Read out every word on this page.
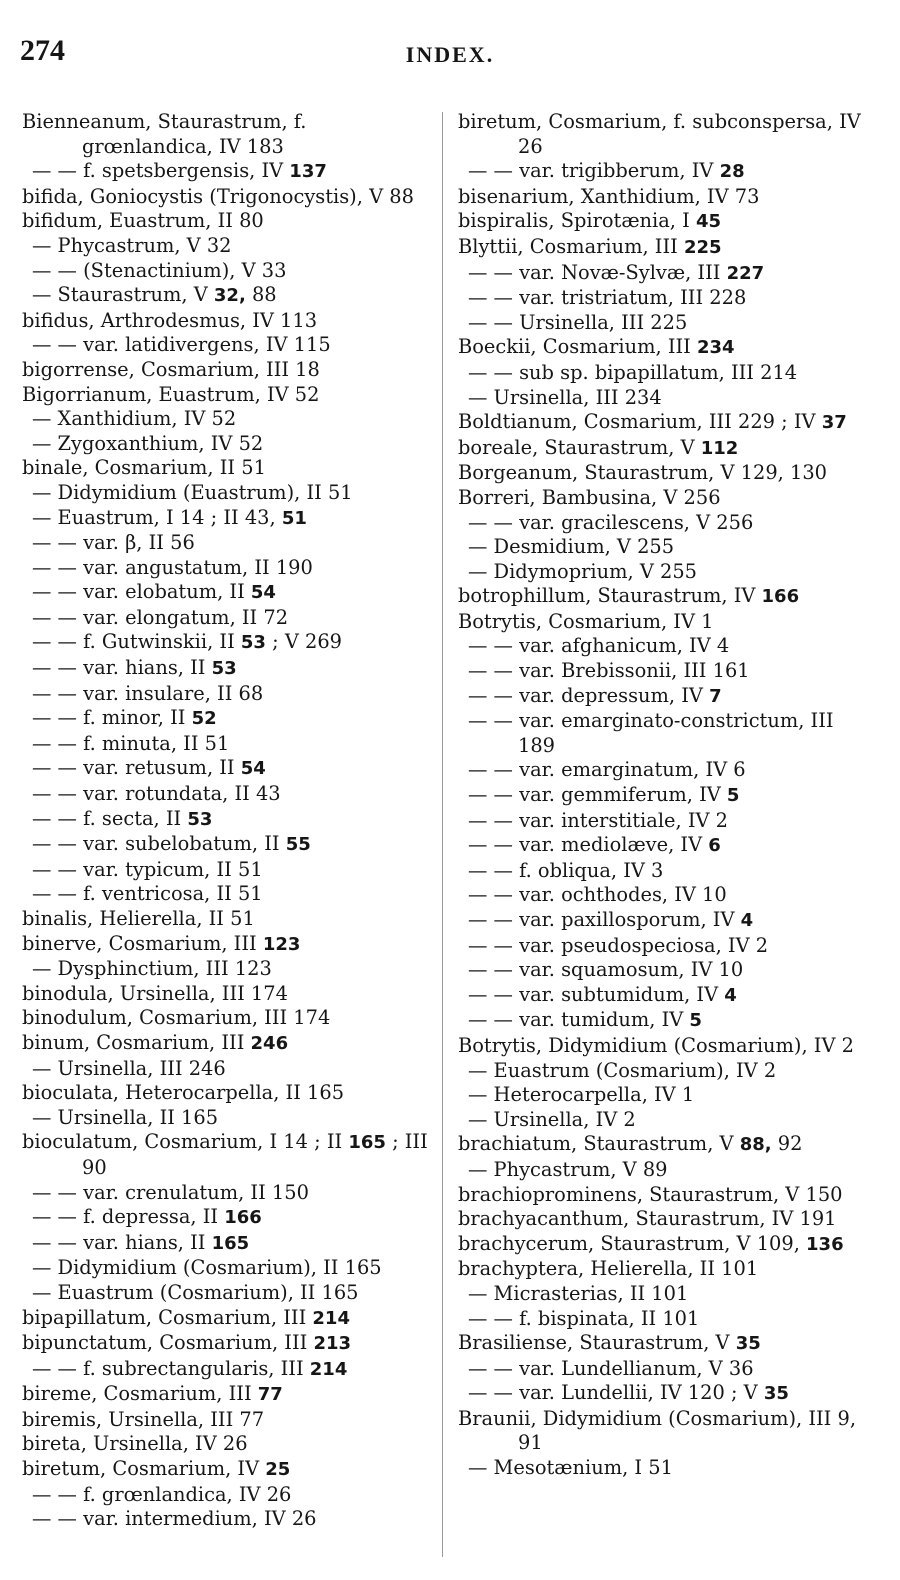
274	INDEX.
Bienneanum, Staurastrum, f. grœnlandica, IV 183
— — f. spetsbergensis, IV 137
bifida, Goniocystis (Trigonocystis), V 88
bifidum, Euastrum, II 80
— Phycastrum, V 32
— — (Stenactinium), V 33
— Staurastrum, V 32, 88
bifidus, Arthrodesmus, IV 113
— — var. latidivergens, IV 115
bigorrense, Cosmarium, III 18
Bigorrianum, Euastrum, IV 52
— Xanthidium, IV 52
— Zygoxanthium, IV 52
binale, Cosmarium, II 51
— Didymidium (Euastrum), II 51
— Euastrum, I 14 ; II 43, 51
— — var. β, II 56
— — var. angustatum, II 190
— — var. elobatum, II 54
— — var. elongatum, II 72
— — f. Gutwinskii, II 53 ; V 269
— — var. hians, II 53
— — var. insulare, II 68
— — f. minor, II 52
— — f. minuta, II 51
— — var. retusum, II 54
— — var. rotundata, II 43
— — f. secta, II 53
— — var. subelobatum, II 55
— — var. typicum, II 51
— — f. ventricosa, II 51
binalis, Helierella, II 51
binerve, Cosmarium, III 123
— Dysphinctium, III 123
binodula, Ursinella, III 174
binodulum, Cosmarium, III 174
binum, Cosmarium, III 246
— Ursinella, III 246
bioculata, Heterocarpella, II 165
— Ursinella, II 165
bioculatum, Cosmarium, I 14 ; II 165 ; III 90
— — var. crenulatum, II 150
— — f. depressa, II 166
— — var. hians, II 165
— Didymidium (Cosmarium), II 165
— Euastrum (Cosmarium), II 165
bipapillatum, Cosmarium, III 214
bipunctatum, Cosmarium, III 213
— — f. subrectangularis, III 214
bireme, Cosmarium, III 77
biremis, Ursinella, III 77
bireta, Ursinella, IV 26
biretum, Cosmarium, IV 25
— — f. grœnlandica, IV 26
— — var. intermedium, IV 26
biretum, Cosmarium, f. subconspersa, IV 26
— — var. trigibberum, IV 28
bisenarium, Xanthidium, IV 73
bispiralis, Spirotænia, I 45
Blyttii, Cosmarium, III 225
— — var. Novæ-Sylvæ, III 227
— — var. tristriatum, III 228
— — Ursinella, III 225
Boeckii, Cosmarium, III 234
— — sub sp. bipapillatum, III 214
— Ursinella, III 234
Boldtianum, Cosmarium, III 229 ; IV 37
boreale, Staurastrum, V 112
Borgeanum, Staurastrum, V 129, 130
Borreri, Bambusina, V 256
— — var. gracilescens, V 256
— Desmidium, V 255
— Didymoprium, V 255
botrophillum, Staurastrum, IV 166
Botrytis, Cosmarium, IV 1
— — var. afghanicum, IV 4
— — var. Brebissonii, III 161
— — var. depressum, IV 7
— — var. emarginato-constrictum, III 189
— — var. emarginatum, IV 6
— — var. gemmiferum, IV 5
— — var. interstitiale, IV 2
— — var. mediolæve, IV 6
— — f. obliqua, IV 3
— — var. ochthodes, IV 10
— — var. paxillosporum, IV 4
— — var. pseudospeciosa, IV 2
— — var. squamosum, IV 10
— — var. subtumidum, IV 4
— — var. tumidum, IV 5
Botrytis, Didymidium (Cosmarium), IV 2
— Euastrum (Cosmarium), IV 2
— Heterocarpella, IV 1
— Ursinella, IV 2
brachiatum, Staurastrum, V 88, 92
— Phycastrum, V 89
brachioprominens, Staurastrum, V 150
brachyacanthum, Staurastrum, IV 191
brachycerum, Staurastrum, V 109, 136
brachyptera, Helierella, II 101
— Micrasterias, II 101
— — f. bispinata, II 101
Brasiliense, Staurastrum, V 35
— — var. Lundellianum, V 36
— — var. Lundellii, IV 120 ; V 35
Braunii, Didymidium (Cosmarium), III 9, 91
— Mesotænium, I 51
